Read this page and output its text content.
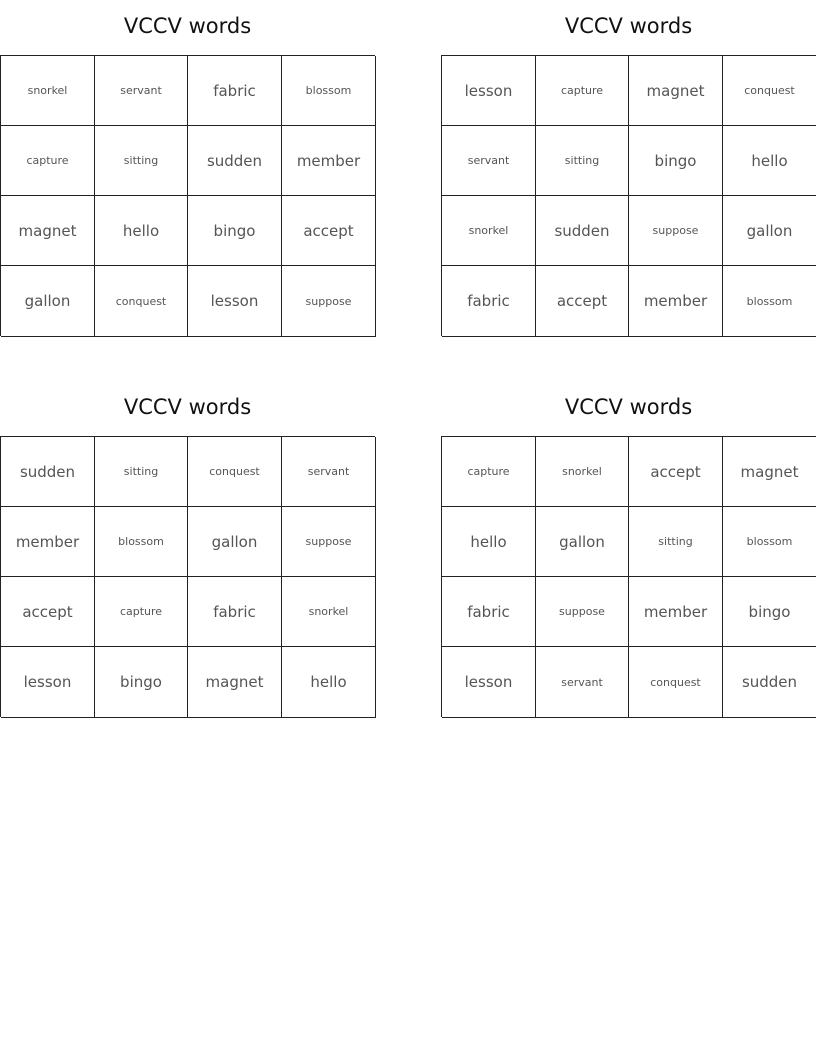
VCCV words
snorkel	servant	fabric	blossom
capture	sitting	sudden	member
magnet	hello	bingo	accept
gallon	conquest	lesson	suppose
VCCV words
lesson	capture	magnet	conquest
servant	sitting	bingo	hello
snorkel	sudden	suppose	gallon
fabric	accept	member	blossom
VCCV words
sudden	sitting	conquest	servant
member	blossom	gallon	suppose
accept	capture	fabric	snorkel
lesson	bingo	magnet	hello
VCCV words
capture	snorkel	accept	magnet
hello	gallon	sitting	blossom
fabric	suppose	member	bingo
lesson	servant	conquest	sudden
